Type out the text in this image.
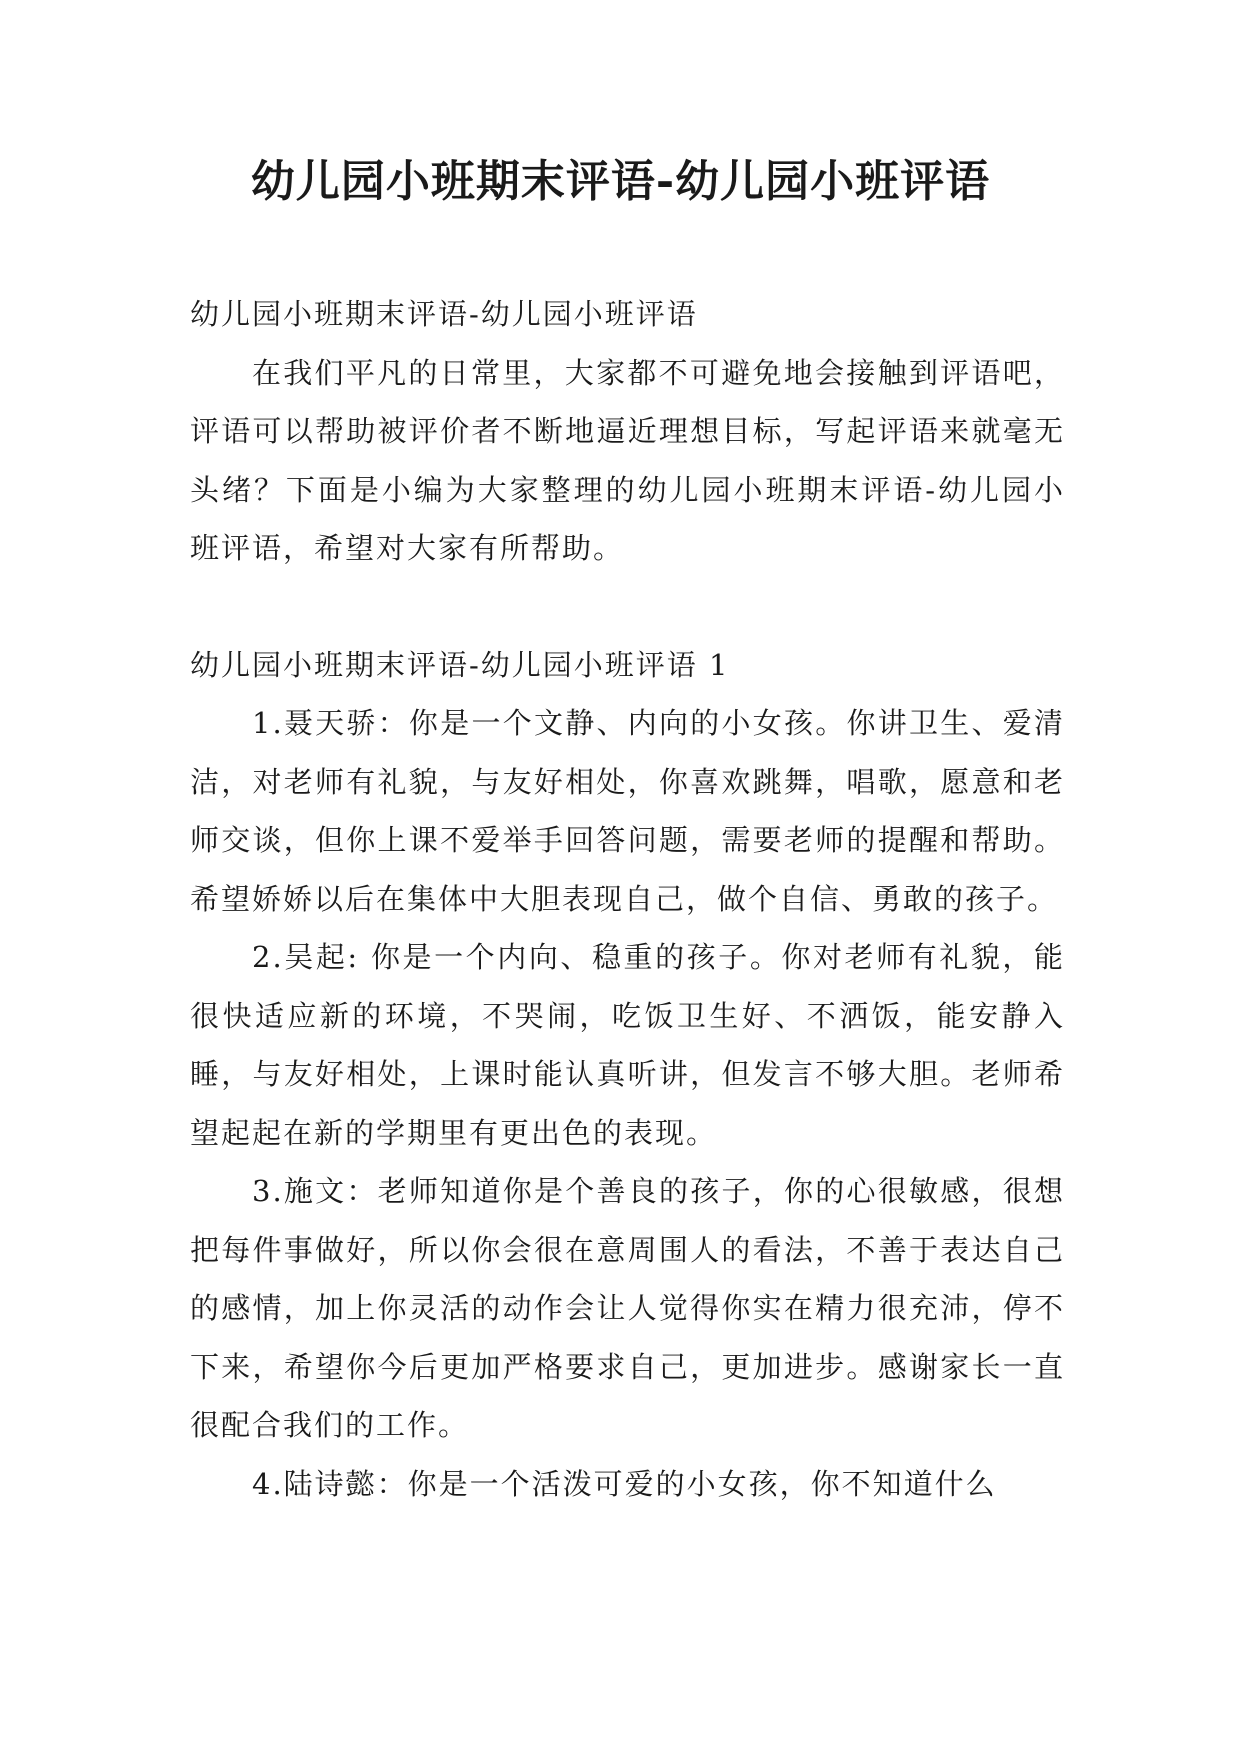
幼儿园小班期末评语-幼儿园小班评语

幼儿园小班期末评语-幼儿园小班评语

在我们平凡的日常里，大家都不可避免地会接触到评语吧，评语可以帮助被评价者不断地逼近理想目标，写起评语来就毫无头绪？下面是小编为大家整理的幼儿园小班期末评语-幼儿园小班评语，希望对大家有所帮助。

幼儿园小班期末评语-幼儿园小班评语 1

1.聂天骄：你是一个文静、内向的小女孩。你讲卫生、爱清洁，对老师有礼貌，与友好相处，你喜欢跳舞，唱歌，愿意和老师交谈，但你上课不爱举手回答问题，需要老师的提醒和帮助。希望娇娇以后在集体中大胆表现自己，做个自信、勇敢的孩子。

2.吴起: 你是一个内向、稳重的孩子。你对老师有礼貌，能很快适应新的环境，不哭闹，吃饭卫生好、不洒饭，能安静入睡，与友好相处，上课时能认真听讲，但发言不够大胆。老师希望起起在新的学期里有更出色的表现。

3.施文：老师知道你是个善良的孩子，你的心很敏感，很想把每件事做好，所以你会很在意周围人的看法，不善于表达自己的感情，加上你灵活的动作会让人觉得你实在精力很充沛，停不下来，希望你今后更加严格要求自己，更加进步。感谢家长一直很配合我们的工作。

4.陆诗懿：你是一个活泼可爱的小女孩，你不知道什么
